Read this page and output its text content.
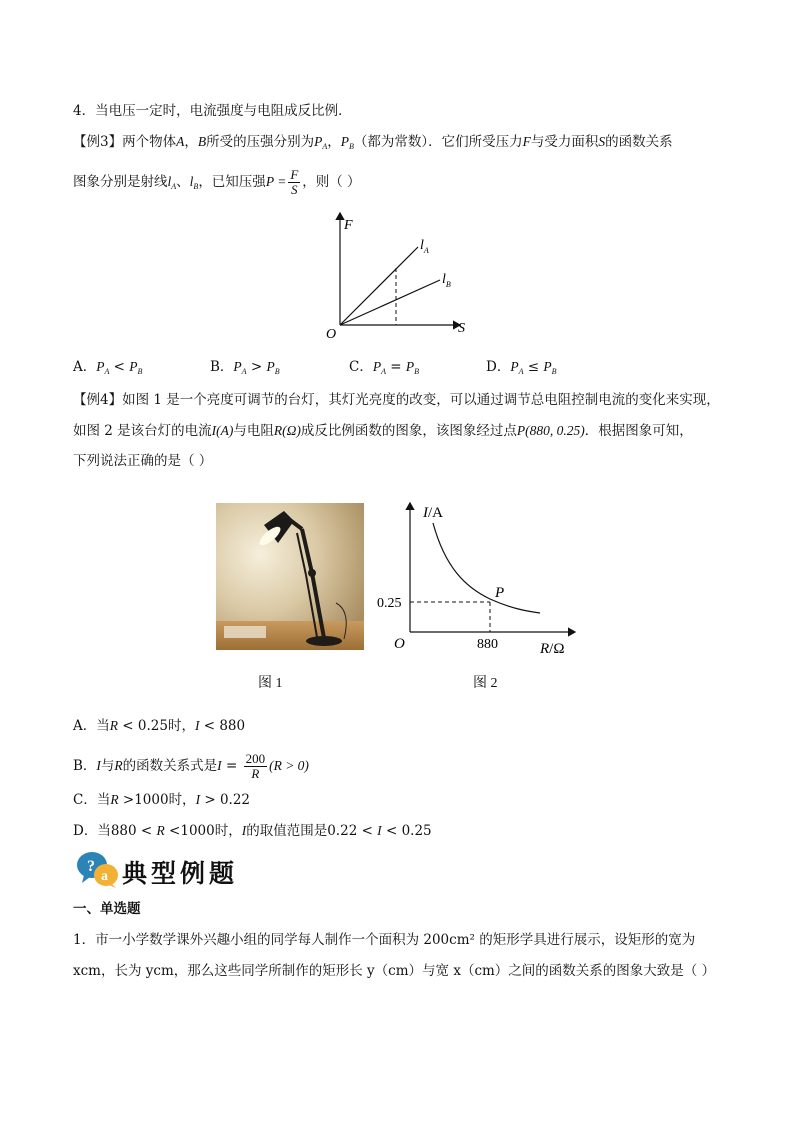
4．当电压一定时，电流强度与电阻成反比例．
【例3】两个物体A，B所受的压强分别为$P_A$，$P_B$（都为常数）．它们所受压力F与受力面积S的函数关系
图象分别是射线$l_A$、$l_B$，已知压强$P = \frac{F}{S}$ ，则（ ）
F
S
O
$l_A$
$l_B$
A．$P_A < P_B$	B．$P_A > P_B$	C．$P_A = P_B$	D．$P_A \le P_B$
【例4】如图 1 是一个亮度可调节的台灯，其灯光亮度的改变，可以通过调节总电阻控制电流的变化来实现，
如图 2 是该台灯的电流I(A)与电阻R(Ω)成反比例函数的图象，该图象经过点P(880, 0.25)．根据图象可知，
下列说法正确的是（ ）
I/A
R/Ω
O
P
0.25
880
图 1	图 2
A．当R < 0.25时，I < 880
B．I与R的函数关系式是$I = \frac{200}{R} (R > 0)$
C．当R >1000时，I > 0.22
D．当880 < R <1000时，I的取值范围是0.22 < I < 0.25
?
a 典型例题
一、单选题
1．市一小学数学课外兴趣小组的同学每人制作一个面积为 200cm² 的矩形学具进行展示，设矩形的宽为
xcm，长为 ycm，那么这些同学所制作的矩形长 y（cm）与宽 x（cm）之间的函数关系的图象大致是（ ）
